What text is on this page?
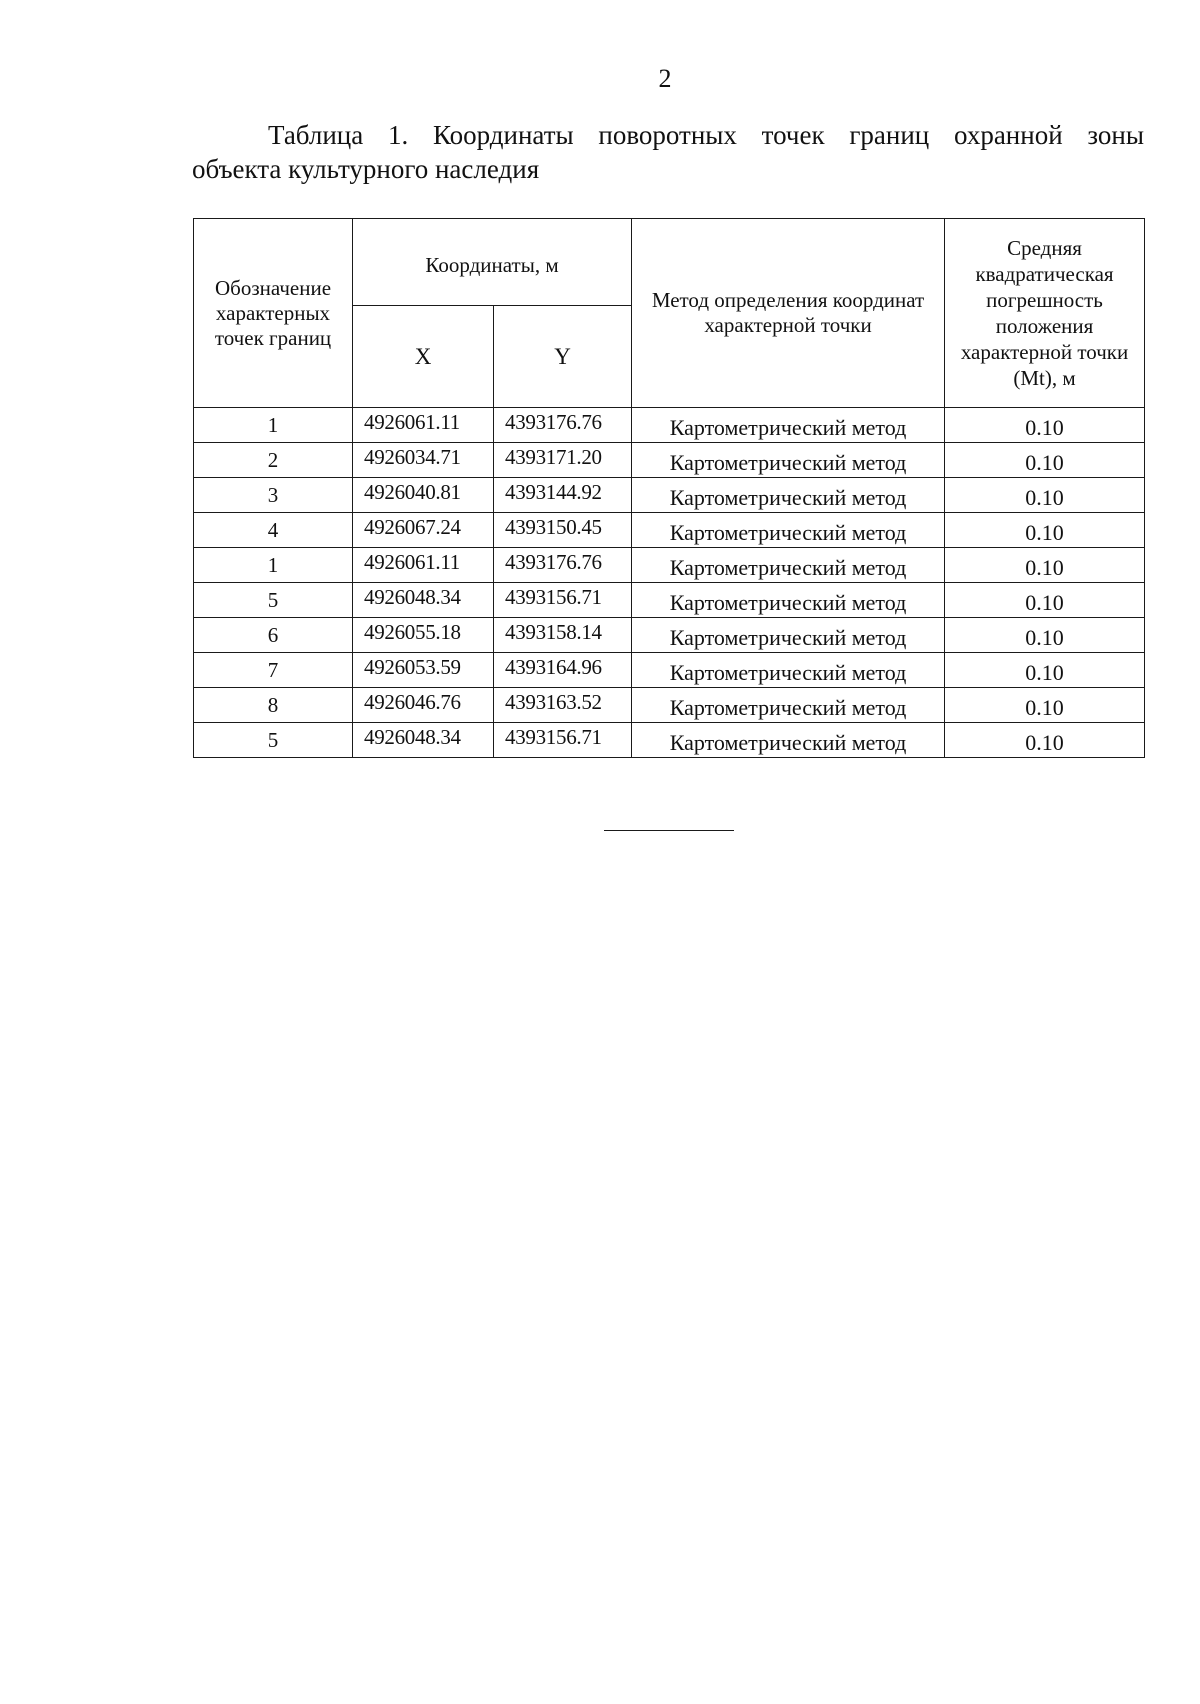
2
Таблица 1. Координаты поворотных точек границ охранной зоны
объекта культурного наследия
Обозначение характерных точек границ	Координаты, м		Метод определения координат характерной точки	Средняя квадратическая погрешность положения характерной точки (Mt), м
	X	Y		
1	4926061.11	4393176.76	Картометрический метод	0.10
2	4926034.71	4393171.20	Картометрический метод	0.10
3	4926040.81	4393144.92	Картометрический метод	0.10
4	4926067.24	4393150.45	Картометрический метод	0.10
1	4926061.11	4393176.76	Картометрический метод	0.10
5	4926048.34	4393156.71	Картометрический метод	0.10
6	4926055.18	4393158.14	Картометрический метод	0.10
7	4926053.59	4393164.96	Картометрический метод	0.10
8	4926046.76	4393163.52	Картометрический метод	0.10
5	4926048.34	4393156.71	Картометрический метод	0.10
